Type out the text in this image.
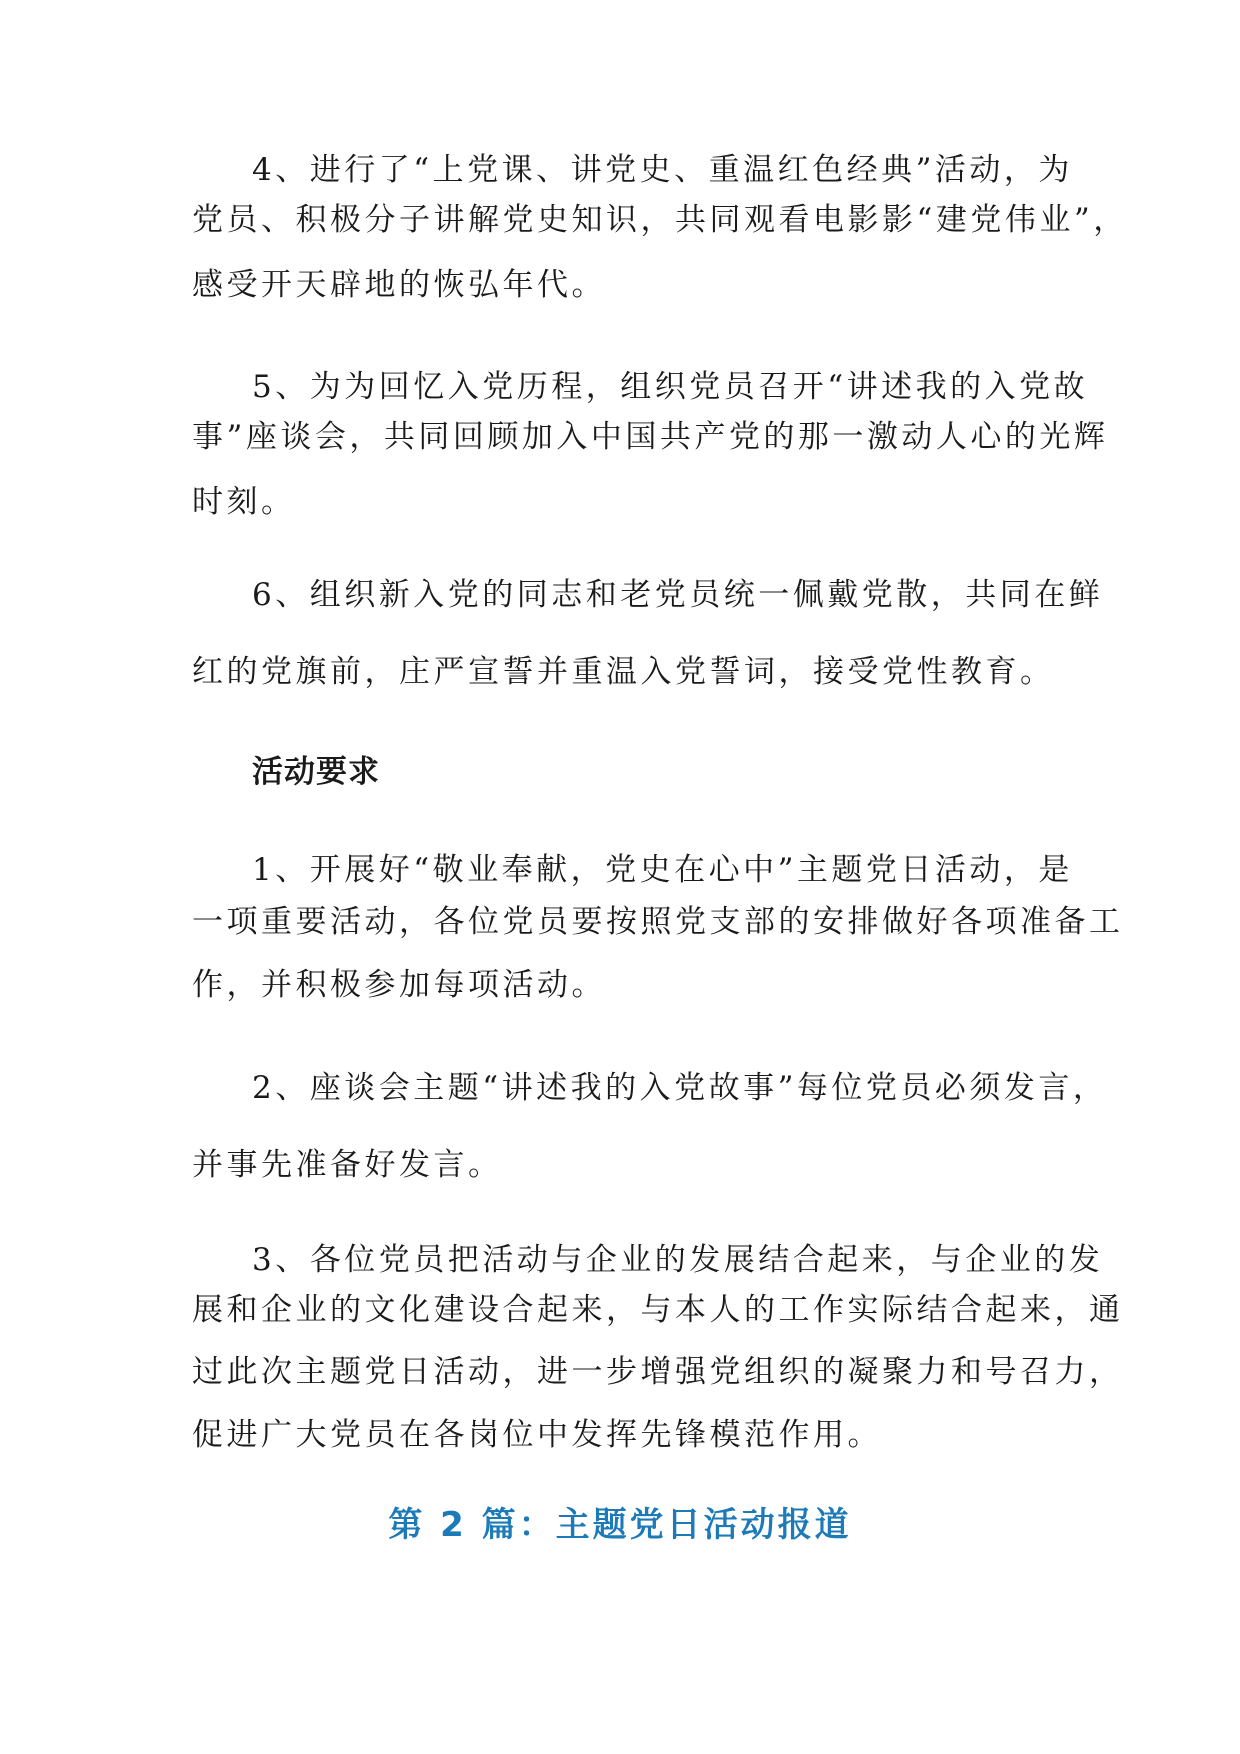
4、进行了“上党课、讲党史、重温红色经典”活动，为
党员、积极分子讲解党史知识，共同观看电影影“建党伟业”，
感受开天辟地的恢弘年代。
5、为为回忆入党历程，组织党员召开“讲述我的入党故
事”座谈会，共同回顾加入中国共产党的那一激动人心的光辉
时刻。
6、组织新入党的同志和老党员统一佩戴党散，共同在鲜
红的党旗前，庄严宣誓并重温入党誓词，接受党性教育。
活动要求
1、开展好“敬业奉献，党史在心中”主题党日活动，是
一项重要活动，各位党员要按照党支部的安排做好各项准备工
作，并积极参加每项活动。
2、座谈会主题“讲述我的入党故事”每位党员必须发言，
并事先准备好发言。
3、各位党员把活动与企业的发展结合起来，与企业的发
展和企业的文化建设合起来，与本人的工作实际结合起来，通
过此次主题党日活动，进一步增强党组织的凝聚力和号召力，
促进广大党员在各岗位中发挥先锋模范作用。
第 2 篇：主题党日活动报道
